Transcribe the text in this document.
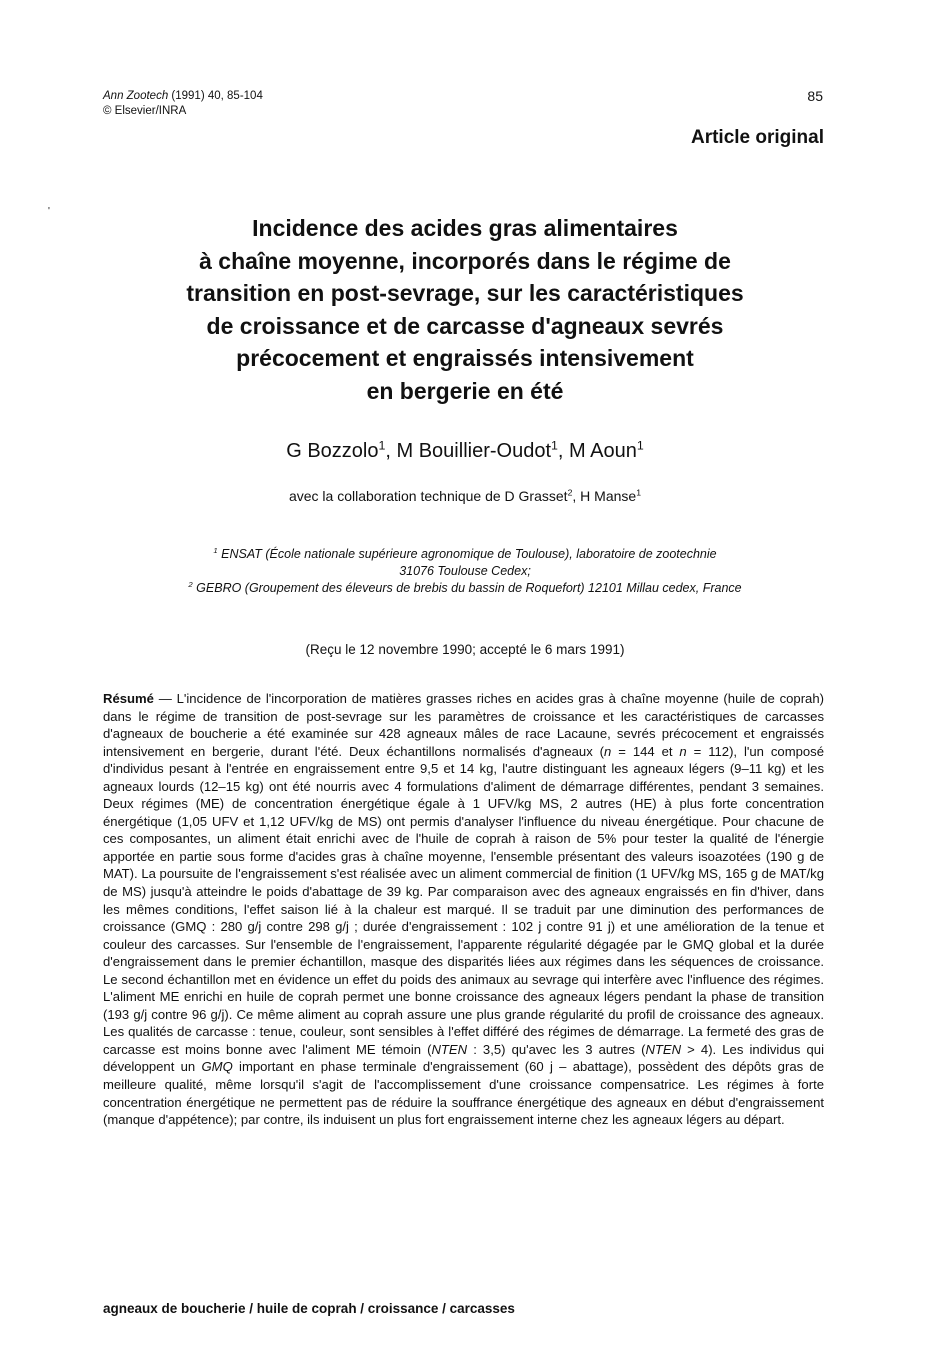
Ann Zootech (1991) 40, 85-104
© Elsevier/INRA
85
Article original
'
Incidence des acides gras alimentaires
à chaîne moyenne, incorporés dans le régime de
transition en post-sevrage, sur les caractéristiques
de croissance et de carcasse d'agneaux sevrés
précocement et engraissés intensivement
en bergerie en été
G Bozzolo$^1$, M Bouillier-Oudot$^1$, M Aoun$^1$
avec la collaboration technique de D Grasset$^2$, H Manse$^1$
$^1$ ENSAT (École nationale supérieure agronomique de Toulouse), laboratoire de zootechnie
31076 Toulouse Cedex;
$^2$ GEBRO (Groupement des éleveurs de brebis du bassin de Roquefort) 12101 Millau cedex, France
(Reçu le 12 novembre 1990; accepté le 6 mars 1991)

Résumé — L'incidence de l'incorporation de matières grasses riches en acides gras à chaîne moyenne (huile de coprah) dans le régime de transition de post-sevrage sur les paramètres de croissance et les caractéristiques de carcasses d'agneaux de boucherie a été examinée sur 428 agneaux mâles de race Lacaune, sevrés précocement et engraissés intensivement en bergerie, durant l'été. Deux échantillons normalisés d'agneaux (n = 144 et n = 112), l'un composé d'individus pesant à l'entrée en engraissement entre 9,5 et 14 kg, l'autre distinguant les agneaux légers (9–11 kg) et les agneaux lourds (12–15 kg) ont été nourris avec 4 formulations d'aliment de démarrage différentes, pendant 3 semaines. Deux régimes (ME) de concentration énergétique égale à 1 UFV/kg MS, 2 autres (HE) à plus forte concentration énergétique (1,05 UFV et 1,12 UFV/kg de MS) ont permis d'analyser l'influence du niveau énergétique. Pour chacune de ces composantes, un aliment était enrichi avec de l'huile de coprah à raison de 5% pour tester la qualité de l'énergie apportée en partie sous forme d'acides gras à chaîne moyenne, l'ensemble présentant des valeurs isoazotées (190 g de MAT). La poursuite de l'engraissement s'est réalisée avec un aliment commercial de finition (1 UFV/kg MS, 165 g de MAT/kg de MS) jusqu'à atteindre le poids d'abattage de 39 kg. Par comparaison avec des agneaux engraissés en fin d'hiver, dans les mêmes conditions, l'effet saison lié à la chaleur est marqué. Il se traduit par une diminution des performances de croissance (GMQ : 280 g/j contre 298 g/j ; durée d'engraissement : 102 j contre 91 j) et une amélioration de la tenue et couleur des carcasses. Sur l'ensemble de l'engraissement, l'apparente régularité dégagée par le GMQ global et la durée d'engraissement dans le premier échantillon, masque des disparités liées aux régimes dans les séquences de croissance. Le second échantillon met en évidence un effet du poids des animaux au sevrage qui interfère avec l'influence des régimes. L'aliment ME enrichi en huile de coprah permet une bonne croissance des agneaux légers pendant la phase de transition (193 g/j contre 96 g/j). Ce même aliment au coprah assure une plus grande régularité du profil de croissance des agneaux. Les qualités de carcasse : tenue, couleur, sont sensibles à l'effet différé des régimes de démarrage. La fermeté des gras de carcasse est moins bonne avec l'aliment ME témoin (NTEN : 3,5) qu'avec les 3 autres (NTEN > 4). Les individus qui développent un GMQ important en phase terminale d'engraissement (60 j – abattage), possèdent des dépôts gras de meilleure qualité, même lorsqu'il s'agit de l'accomplissement d'une croissance compensatrice. Les régimes à forte concentration énergétique ne permettent pas de réduire la souffrance énergétique des agneaux en début d'engraissement (manque d'appétence); par contre, ils induisent un plus fort engraissement interne chez les agneaux légers au départ.

agneaux de boucherie / huile de coprah / croissance / carcasses
